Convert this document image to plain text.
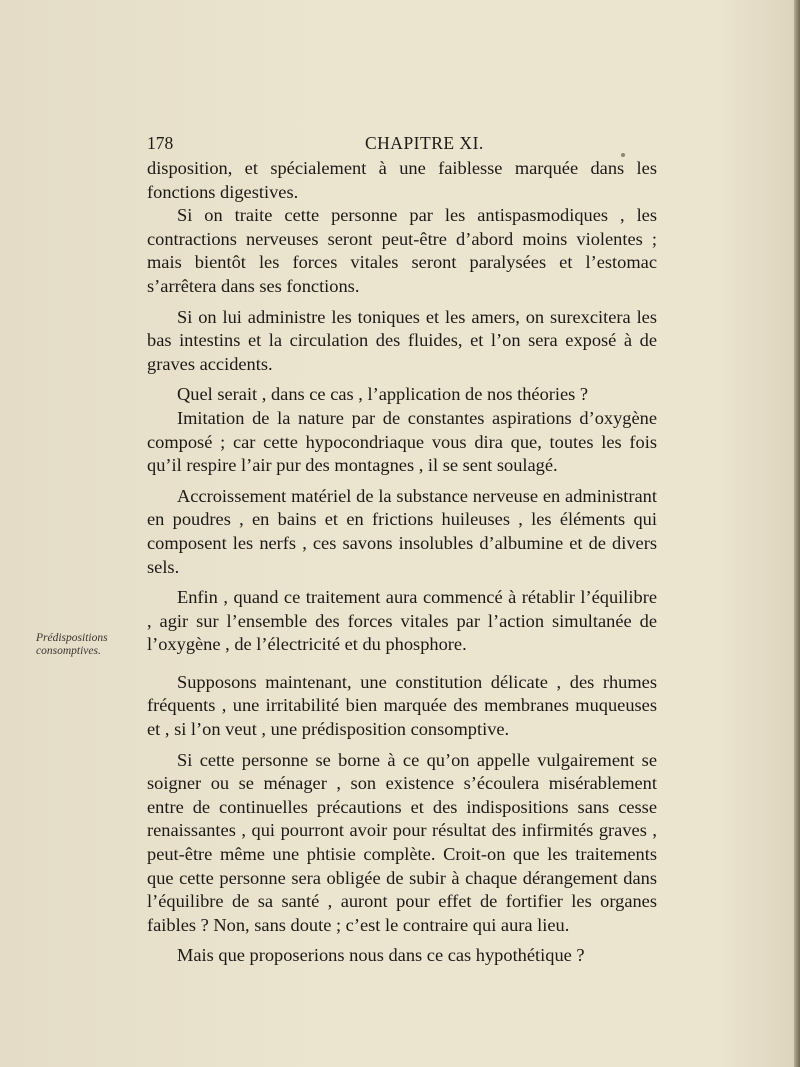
178	CHAPITRE XI.
Prédispositions consomptives.

disposition, et spécialement à une faiblesse marquée dans les fonctions digestives.

Si on traite cette personne par les antispasmodiques , les contractions nerveuses seront peut-être d’abord moins violentes ; mais bientôt les forces vitales seront paralysées et l’estomac s’arrêtera dans ses fonctions.

Si on lui administre les toniques et les amers, on surexcitera les bas intestins et la circulation des fluides, et l’on sera exposé à de graves accidents.

Quel serait , dans ce cas , l’application de nos théories ?

Imitation de la nature par de constantes aspirations d’oxygène composé ; car cette hypocondriaque vous dira que, toutes les fois qu’il respire l’air pur des montagnes , il se sent soulagé.

Accroissement matériel de la substance nerveuse en administrant en poudres , en bains et en frictions huileuses , les éléments qui composent les nerfs , ces savons insolubles d’albumine et de divers sels.

Enfin , quand ce traitement aura commencé à rétablir l’équilibre , agir sur l’ensemble des forces vitales par l’action simultanée de l’oxygène , de l’électricité et du phosphore.

Supposons maintenant, une constitution délicate , des rhumes fréquents , une irritabilité bien marquée des membranes muqueuses et , si l’on veut , une prédisposition consomptive.

Si cette personne se borne à ce qu’on appelle vulgairement se soigner ou se ménager , son existence s’écoulera misérablement entre de continuelles précautions et des indispositions sans cesse renaissantes , qui pourront avoir pour résultat des infirmités graves , peut-être même une phtisie complète. Croit-on que les traitements que cette personne sera obligée de subir à chaque dérangement dans l’équilibre de sa santé , auront pour effet de fortifier les organes faibles ? Non, sans doute ; c’est le contraire qui aura lieu.

Mais que proposerions nous dans ce cas hypothétique ?
